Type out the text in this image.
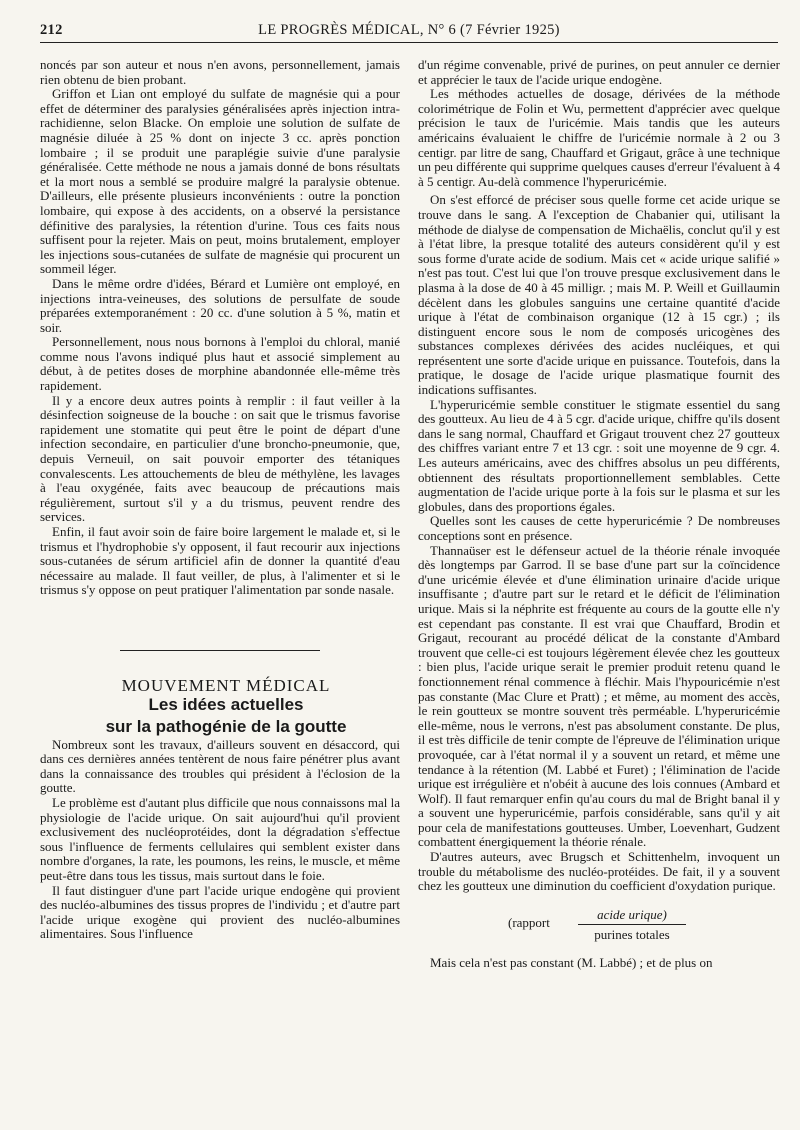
212	LE PROGRÈS MÉDICAL, N° 6 (7 Février 1925)

noncés par son auteur et nous n'en avons, personnellement, jamais rien obtenu de bien probant.

Griffon et Lian ont employé du sulfate de magnésie qui a pour effet de déterminer des paralysies généralisées après injection intra-rachidienne, selon Blacke. On emploie une solution de sulfate de magnésie diluée à 25 % dont on injecte 3 cc. après ponction lombaire ; il se produit une paraplégie suivie d'une paralysie généralisée. Cette méthode ne nous a jamais donné de bons résultats et la mort nous a semblé se produire malgré la paralysie obtenue. D'ailleurs, elle présente plusieurs inconvénients : outre la ponction lombaire, qui expose à des accidents, on a observé la persistance définitive des paralysies, la rétention d'urine. Tous ces faits nous suffisent pour la rejeter. Mais on peut, moins brutalement, employer les injections sous-cutanées de sulfate de magnésie qui procurent un sommeil léger.

Dans le même ordre d'idées, Bérard et Lumière ont employé, en injections intra-veineuses, des solutions de persulfate de soude préparées extemporanément : 20 cc. d'une solution à 5 %, matin et soir.

Personnellement, nous nous bornons à l'emploi du chloral, manié comme nous l'avons indiqué plus haut et associé simplement au début, à de petites doses de morphine abandonnée elle-même très rapidement.

Il y a encore deux autres points à remplir : il faut veiller à la désinfection soigneuse de la bouche : on sait que le trismus favorise rapidement une stomatite qui peut être le point de départ d'une infection secondaire, en particulier d'une broncho-pneumonie, que, depuis Verneuil, on sait pouvoir emporter des tétaniques convalescents. Les attouchements de bleu de méthylène, les lavages à l'eau oxygénée, faits avec beaucoup de précautions mais régulièrement, surtout s'il y a du trismus, peuvent rendre des services.

Enfin, il faut avoir soin de faire boire largement le malade et, si le trismus et l'hydrophobie s'y opposent, il faut recourir aux injections sous-cutanées de sérum artificiel afin de donner la quantité d'eau nécessaire au malade. Il faut veiller, de plus, à l'alimenter et si le trismus s'y oppose on peut pratiquer l'alimentation par sonde nasale.

MOUVEMENT MÉDICAL

Les idées actuelles
sur la pathogénie de la goutte

Nombreux sont les travaux, d'ailleurs souvent en désaccord, qui dans ces dernières années tentèrent de nous faire pénétrer plus avant dans la connaissance des troubles qui président à l'éclosion de la goutte.

Le problème est d'autant plus difficile que nous connaissons mal la physiologie de l'acide urique. On sait aujourd'hui qu'il provient exclusivement des nucléoprotéides, dont la dégradation s'effectue sous l'influence de ferments cellulaires qui semblent exister dans nombre d'organes, la rate, les poumons, les reins, le muscle, et même peut-être dans tous les tissus, mais surtout dans le foie.

Il faut distinguer d'une part l'acide urique endogène qui provient des nucléo-albumines des tissus propres de l'individu ; et d'autre part l'acide urique exogène qui provient des nucléo-albumines alimentaires. Sous l'influence

d'un régime convenable, privé de purines, on peut annuler ce dernier et apprécier le taux de l'acide urique endogène.

Les méthodes actuelles de dosage, dérivées de la méthode colorimétrique de Folin et Wu, permettent d'apprécier avec quelque précision le taux de l'uricémie. Mais tandis que les auteurs américains évaluaient le chiffre de l'uricémie normale à 2 ou 3 centigr. par litre de sang, Chauffard et Grigaut, grâce à une technique un peu différente qui supprime quelques causes d'erreur l'évaluent à 4 à 5 centigr. Au-delà commence l'hyperuricémie.

On s'est efforcé de préciser sous quelle forme cet acide urique se trouve dans le sang. A l'exception de Chabanier qui, utilisant la méthode de dialyse de compensation de Michaëlis, conclut qu'il y est à l'état libre, la presque totalité des auteurs considèrent qu'il y est sous forme d'urate acide de sodium. Mais cet « acide urique salifié » n'est pas tout. C'est lui que l'on trouve presque exclusivement dans le plasma à la dose de 40 à 45 milligr. ; mais M. P. Weill et Guillaumin décèlent dans les globules sanguins une certaine quantité d'acide urique à l'état de combinaison organique (12 à 15 cgr.) ; ils distinguent encore sous le nom de composés uricogènes des substances complexes dérivées des acides nucléiques, et qui représentent une sorte d'acide urique en puissance. Toutefois, dans la pratique, le dosage de l'acide urique plasmatique fournit des indications suffisantes.

L'hyperuricémie semble constituer le stigmate essentiel du sang des goutteux. Au lieu de 4 à 5 cgr. d'acide urique, chiffre qu'ils dosent dans le sang normal, Chauffard et Grigaut trouvent chez 27 goutteux des chiffres variant entre 7 et 13 cgr. : soit une moyenne de 9 cgr. 4. Les auteurs américains, avec des chiffres absolus un peu différents, obtiennent des résultats proportionnellement semblables. Cette augmentation de l'acide urique porte à la fois sur le plasma et sur les globules, dans des proportions égales.

Quelles sont les causes de cette hyperuricémie ? De nombreuses conceptions sont en présence.

Thannaüser est le défenseur actuel de la théorie rénale invoquée dès longtemps par Garrod. Il se base d'une part sur la coïncidence d'une uricémie élevée et d'une élimination urinaire d'acide urique insuffisante ; d'autre part sur le retard et le déficit de l'élimination urique. Mais si la néphrite est fréquente au cours de la goutte elle n'y est cependant pas constante. Il est vrai que Chauffard, Brodin et Grigaut, recourant au procédé délicat de la constante d'Ambard trouvent que celle-ci est toujours légèrement élevée chez les goutteux : bien plus, l'acide urique serait le premier produit retenu quand le fonctionnement rénal commence à fléchir. Mais l'hypouricémie n'est pas constante (Mac Clure et Pratt) ; et même, au moment des accès, le rein goutteux se montre souvent très perméable. L'hyperuricémie elle-même, nous le verrons, n'est pas absolument constante. De plus, il est très difficile de tenir compte de l'épreuve de l'élimination urique provoquée, car à l'état normal il y a souvent un retard, et même une tendance à la rétention (M. Labbé et Furet) ; l'élimination de l'acide urique est irrégulière et n'obéit à aucune des lois connues (Ambard et Wolf). Il faut remarquer enfin qu'au cours du mal de Bright banal il y a souvent une hyperuricémie, parfois considérable, sans qu'il y ait pour cela de manifestations goutteuses. Umber, Loevenhart, Gudzent combattent énergiquement la théorie rénale.

D'autres auteurs, avec Brugsch et Schittenhelm, invoquent un trouble du métabolisme des nucléo-protéides. De fait, il y a souvent chez les goutteux une diminution du coefficient d'oxydation purique.

(rapport
acide urique)
purines totales

Mais cela n'est pas constant (M. Labbé) ; et de plus on
